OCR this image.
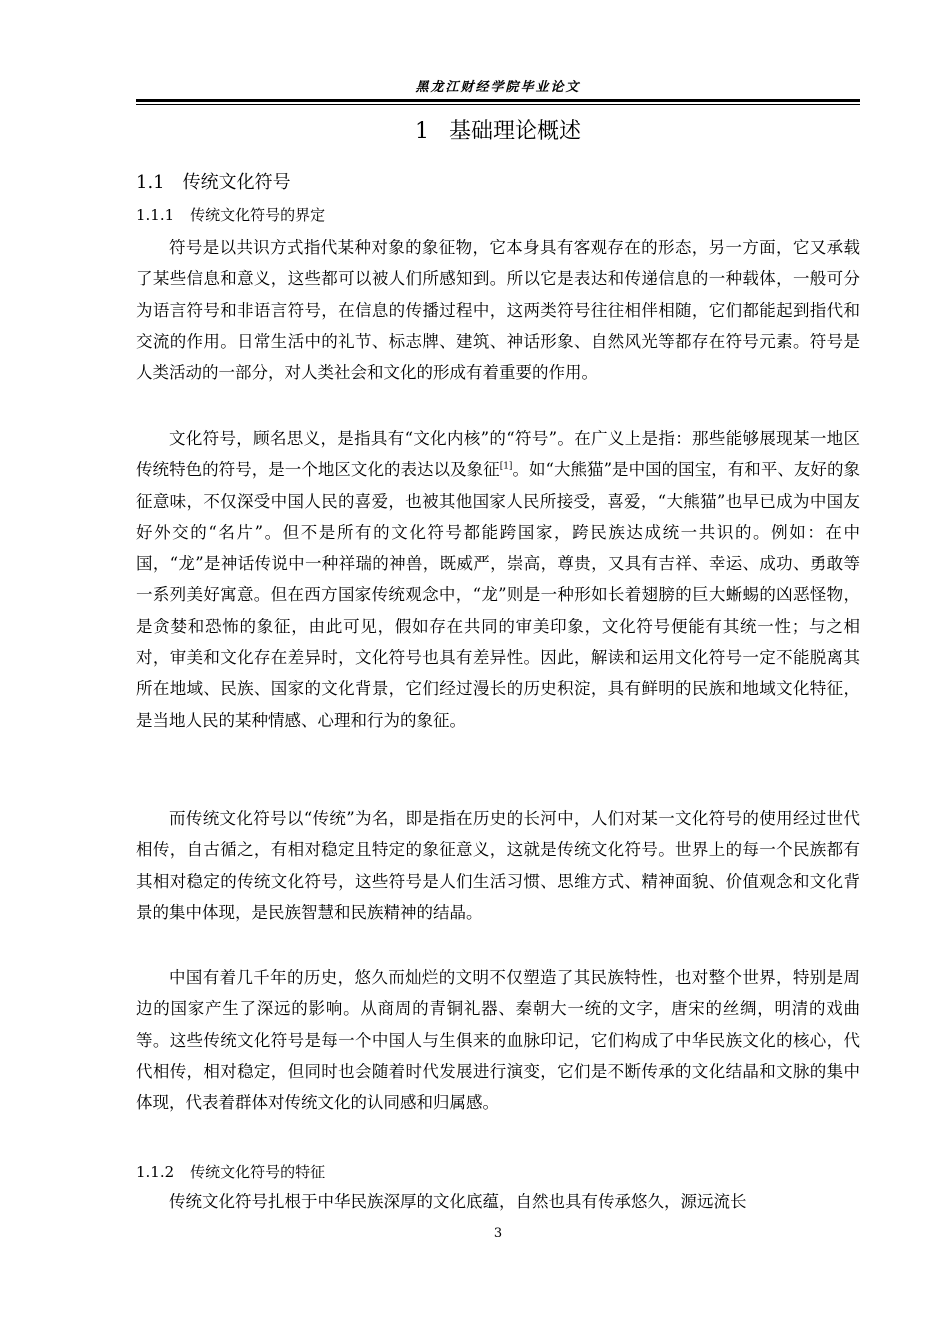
黑龙江财经学院毕业论文
1 基础理论概述
1.1 传统文化符号
1.1.1 传统文化符号的界定

符号是以共识方式指代某种对象的象征物，它本身具有客观存在的形态，另一方面，它又承载了某些信息和意义，这些都可以被人们所感知到。所以它是表达和传递信息的一种载体，一般可分为语言符号和非语言符号，在信息的传播过程中，这两类符号往往相伴相随，它们都能起到指代和交流的作用。日常生活中的礼节、标志牌、建筑、神话形象、自然风光等都存在符号元素。符号是人类活动的一部分，对人类社会和文化的形成有着重要的作用。

文化符号，顾名思义，是指具有“文化内核”的“符号”。在广义上是指：那些能够展现某一地区传统特色的符号，是一个地区文化的表达以及象征[1]。如“大熊猫”是中国的国宝，有和平、友好的象征意味，不仅深受中国人民的喜爱，也被其他国家人民所接受，喜爱，“大熊猫”也早已成为中国友好外交的“名片”。但不是所有的文化符号都能跨国家，跨民族达成统一共识的。例如：在中国，“龙”是神话传说中一种祥瑞的神兽，既威严，崇高，尊贵，又具有吉祥、幸运、成功、勇敢等一系列美好寓意。但在西方国家传统观念中，“龙”则是一种形如长着翅膀的巨大蜥蜴的凶恶怪物，是贪婪和恐怖的象征，由此可见，假如存在共同的审美印象，文化符号便能有其统一性；与之相对，审美和文化存在差异时，文化符号也具有差异性。因此，解读和运用文化符号一定不能脱离其所在地域、民族、国家的文化背景，它们经过漫长的历史积淀，具有鲜明的民族和地域文化特征，是当地人民的某种情感、心理和行为的象征。

而传统文化符号以“传统”为名，即是指在历史的长河中，人们对某一文化符号的使用经过世代相传，自古循之，有相对稳定且特定的象征意义，这就是传统文化符号。世界上的每一个民族都有其相对稳定的传统文化符号，这些符号是人们生活习惯、思维方式、精神面貌、价值观念和文化背景的集中体现，是民族智慧和民族精神的结晶。

中国有着几千年的历史，悠久而灿烂的文明不仅塑造了其民族特性，也对整个世界，特别是周边的国家产生了深远的影响。从商周的青铜礼器、秦朝大一统的文字，唐宋的丝绸，明清的戏曲等。这些传统文化符号是每一个中国人与生俱来的血脉印记，它们构成了中华民族文化的核心，代代相传，相对稳定，但同时也会随着时代发展进行演变，它们是不断传承的文化结晶和文脉的集中体现，代表着群体对传统文化的认同感和归属感。

1.1.2 传统文化符号的特征

传统文化符号扎根于中华民族深厚的文化底蕴，自然也具有传承悠久，源远流长

3
